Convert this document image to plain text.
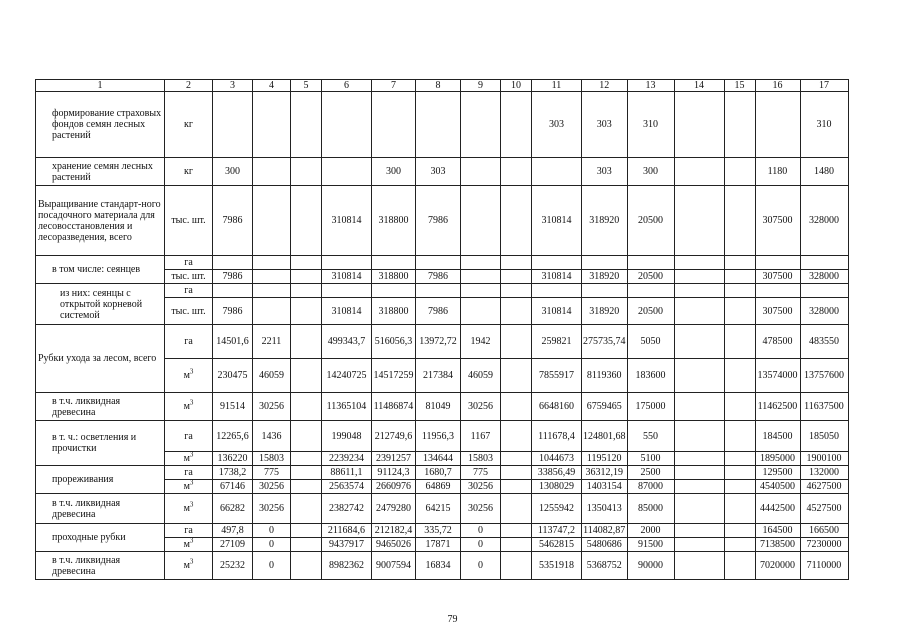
1	2	3	4	5	6	7	8	9	10	11	12	13	14	15	16	17
формирование страховых фондов семян лесных растений	кг									303	303	310				310
хранение семян лесных растений	кг	300				300	303				303	300			1180	1480
Выращивание стандарт-ного посадочного материала для лесовосстановления и лесоразведения, всего	тыс. шт.	7986			310814	318800	7986			310814	318920	20500			307500	328000
в том числе: сеянцев	га															
	тыс. шт.	7986			310814	318800	7986			310814	318920	20500			307500	328000
из них: сеянцы с открытой корневой системой	га															
	тыс. шт.	7986			310814	318800	7986			310814	318920	20500			307500	328000
Рубки ухода за лесом, всего	га	14501,6	2211		499343,7	516056,3	13972,72	1942		259821	275735,74	5050			478500	483550
	$м^3$	230475	46059		14240725	14517259	217384	46059		7855917	8119360	183600			13574000	13757600
в т.ч. ликвидная древесина	$м^3$	91514	30256		11365104	11486874	81049	30256		6648160	6759465	175000			11462500	11637500
в т. ч.: осветления и прочистки	га	12265,6	1436		199048	212749,6	11956,3	1167		111678,4	124801,68	550			184500	185050
	$м^3$	136220	15803		2239234	2391257	134644	15803		1044673	1195120	5100			1895000	1900100
прореживания	га	1738,2	775		88611,1	91124,3	1680,7	775		33856,49	36312,19	2500			129500	132000
	$м^3$	67146	30256		2563574	2660976	64869	30256		1308029	1403154	87000			4540500	4627500
в т.ч. ликвидная древесина	$м^3$	66282	30256		2382742	2479280	64215	30256		1255942	1350413	85000			4442500	4527500
проходные рубки	га	497,8	0		211684,6	212182,4	335,72	0		113747,2	114082,87	2000			164500	166500
	$м^3$	27109	0		9437917	9465026	17871	0		5462815	5480686	91500			7138500	7230000
в т.ч. ликвидная древесина	$м^3$	25232	0		8982362	9007594	16834	0		5351918	5368752	90000			7020000	7110000
79
